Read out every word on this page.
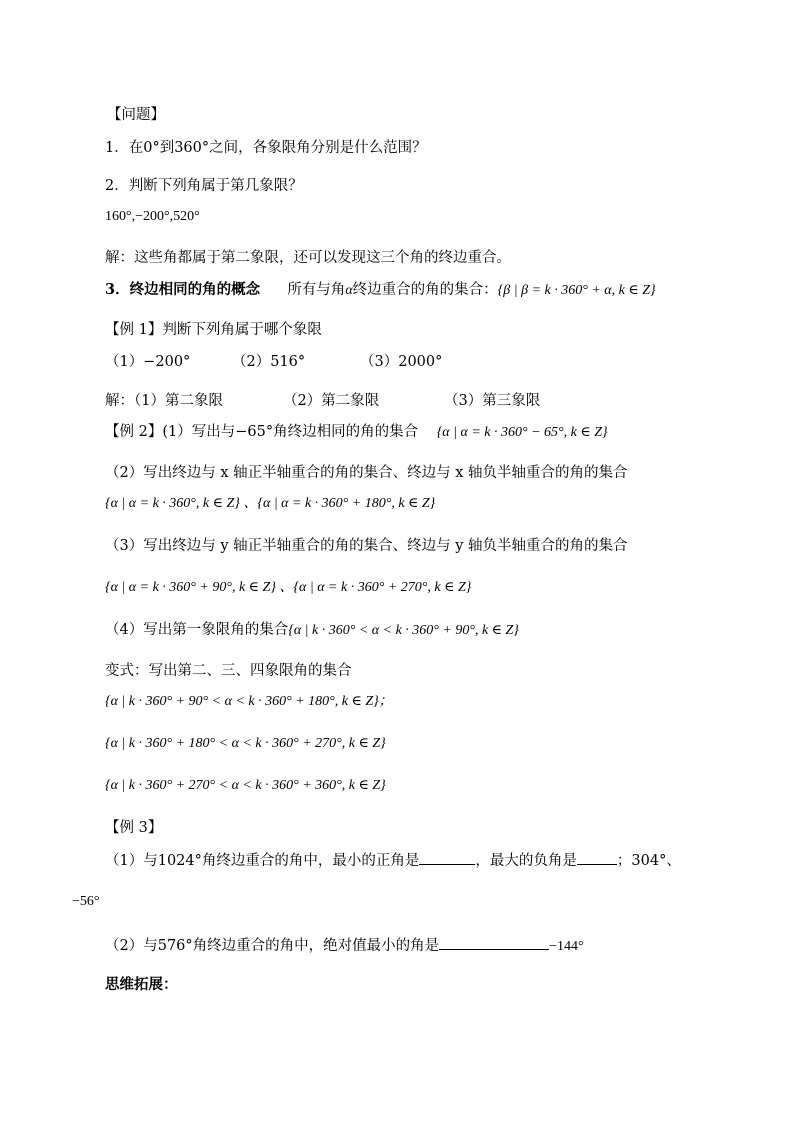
【问题】
1．在0°到360°之间，各象限角分别是什么范围？
2．判断下列角属于第几象限？
160°,−200°,520°
解：这些角都属于第二象限，还可以发现这三个角的终边重合。
3．终边相同的角的概念 所有与角α终边重合的角的集合：{β | β = k · 360° + α, k ∈ Z}
【例 1】判断下列角属于哪个象限
（1）−200°	（2）516°	（3）2000°
解：（1）第二象限	（2）第二象限	（3）第三象限
【例 2】(1）写出与−65°角终边相同的角的集合 {α | α = k · 360° − 65°, k ∈ Z}
（2）写出终边与 x 轴正半轴重合的角的集合、终边与 x 轴负半轴重合的角的集合
{α | α = k · 360°, k ∈ Z} 、{α | α = k · 360° + 180°, k ∈ Z}
（3）写出终边与 y 轴正半轴重合的角的集合、终边与 y 轴负半轴重合的角的集合
{α | α = k · 360° + 90°, k ∈ Z} 、{α | α = k · 360° + 270°, k ∈ Z}
（4）写出第一象限角的集合{α | k · 360° < α < k · 360° + 90°, k ∈ Z}
变式：写出第二、三、四象限角的集合
{α | k · 360° + 90° < α < k · 360° + 180°, k ∈ Z}；
{α | k · 360° + 180° < α < k · 360° + 270°, k ∈ Z}
{α | k · 360° + 270° < α < k · 360° + 360°, k ∈ Z}
【例 3】
（1）与1024°角终边重合的角中，最小的正角是	，最大的负角是	；304°、
−56°
（2）与576°角终边重合的角中，绝对值最小的角是	−144°
思维拓展：
